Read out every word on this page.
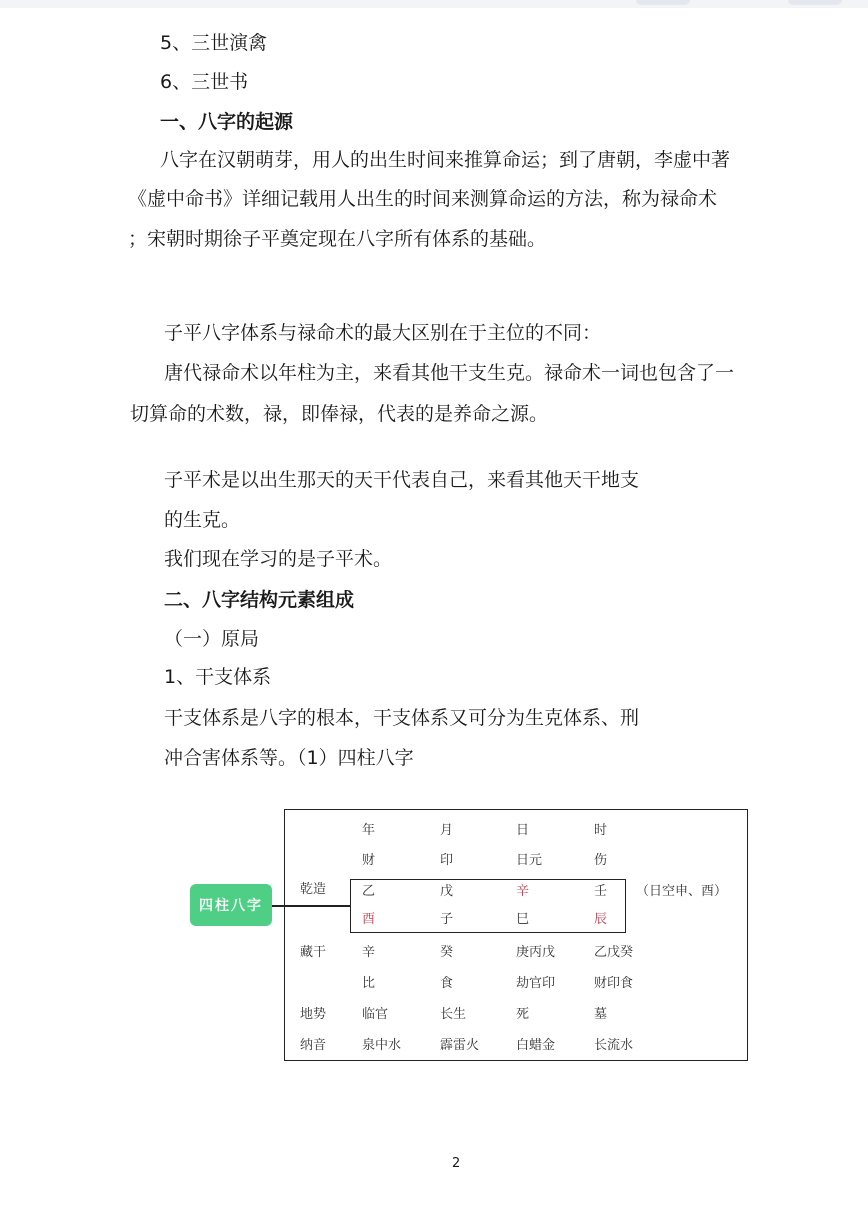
5、三世演禽
6、三世书
一、八字的起源
八字在汉朝萌芽，用人的出生时间来推算命运；到了唐朝，李虚中著
《虚中命书》详细记载用人出生的时间来测算命运的方法，称为禄命术
；宋朝时期徐子平奠定现在八字所有体系的基础。
子平八字体系与禄命术的最大区别在于主位的不同：
唐代禄命术以年柱为主，来看其他干支生克。禄命术一词也包含了一
切算命的术数，禄，即俸禄，代表的是养命之源。
子平术是以出生那天的天干代表自己，来看其他天干地支
的生克。
我们现在学习的是子平术。
二、八字结构元素组成
（一）原局
1、干支体系
干支体系是八字的根本，干支体系又可分为生克体系、刑
冲合害体系等。（1）四柱八字
四柱八字
乾造
藏干
地势
纳音
（日空申、酉）
年
财
乙
酉
辛
比
临官
泉中水
月
印
戊
子
癸
食
长生
霹雷火
日
日元
辛
巳
庚丙戊
劫官印
死
白蜡金
时
伤
壬
辰
乙戊癸
财印食
墓
长流水
2
